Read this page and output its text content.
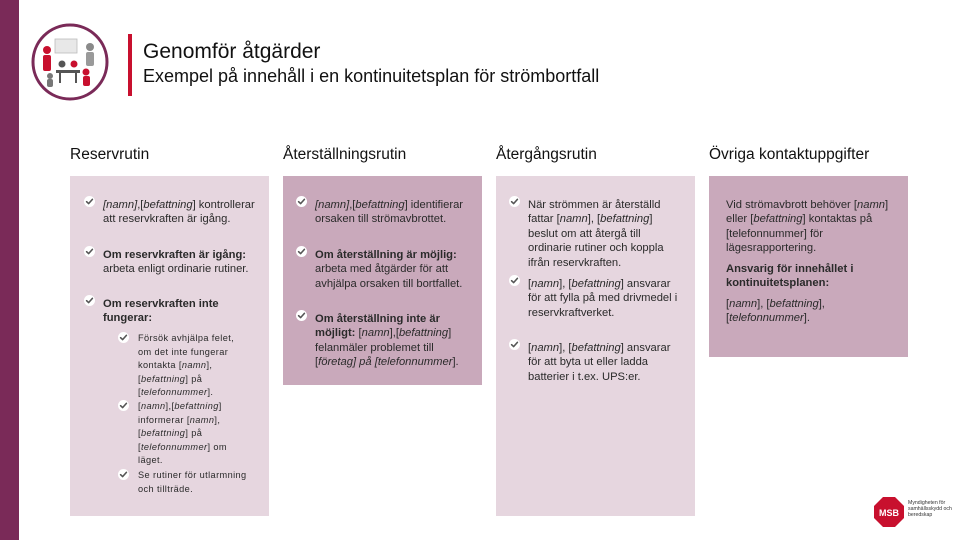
Genomför åtgärder
Exempel på innehåll i en kontinuitetsplan för strömbortfall
Reservrutin	Återställningsrutin	Återgångsrutin	Övriga kontaktuppgifter
[namn],[befattning] kontrollerar att reservkraften är igång.
Om reservkraften är igång: arbeta enligt ordinarie rutiner.
Om reservkraften inte fungerar:
Försök avhjälpa felet, om det inte fungerar kontakta [namn],[befattning] på [telefonnummer].
[namn],[befattning] informerar [namn],[befattning] på [telefonnummer] om läget.
Se rutiner för utlarmning och tillträde.
[namn],[befattning] identifierar orsaken till strömavbrottet.
Om återställning är möjlig: arbeta med åtgärder för att avhjälpa orsaken till bortfallet.
Om återställning inte är möjligt: [namn],[befattning] felanmäler problemet till [företag] på [telefonnummer].
När strömmen är återställd fattar [namn], [befattning] beslut om att återgå till ordinarie rutiner och koppla ifrån reservkraften.
[namn], [befattning] ansvarar för att fylla på med drivmedel i reservkraftverket.
[namn], [befattning] ansvarar för att byta ut eller ladda batterier i t.ex. UPS:er.
Vid strömavbrott behöver [namn] eller [befattning] kontaktas på [telefonnummer] för lägesrapportering.
Ansvarig för innehållet i kontinuitetsplanen:
[namn], [befattning], [telefonnummer].
MSB
Myndigheten för samhällsskydd och beredskap
